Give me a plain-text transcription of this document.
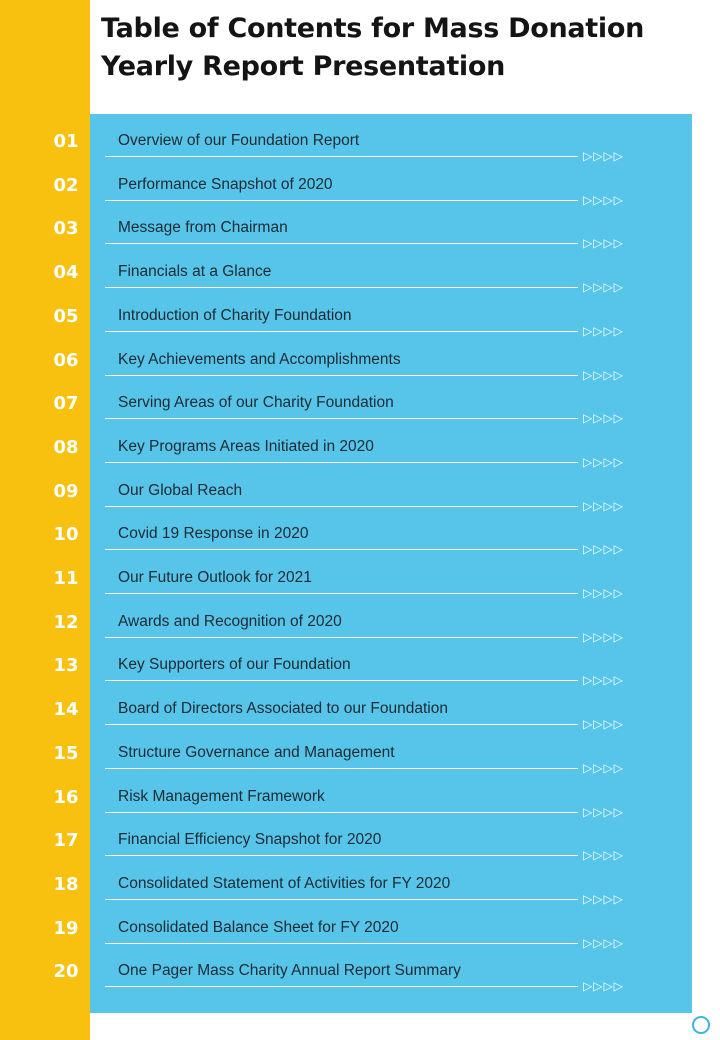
Table of Contents for Mass Donation Yearly Report Presentation
01	Overview of our Foundation Report
▷▷▷▷
02	Performance Snapshot of 2020
▷▷▷▷
03	Message from Chairman
▷▷▷▷
04	Financials at a Glance
▷▷▷▷
05	Introduction of Charity Foundation
▷▷▷▷
06	Key Achievements and Accomplishments
▷▷▷▷
07	Serving Areas of our Charity Foundation
▷▷▷▷
08	Key Programs Areas Initiated in 2020
▷▷▷▷
09	Our Global Reach
▷▷▷▷
10	Covid 19 Response in 2020
▷▷▷▷
11	Our Future Outlook for 2021
▷▷▷▷
12	Awards and Recognition of 2020
▷▷▷▷
13	Key Supporters of our Foundation
▷▷▷▷
14	Board of Directors Associated to our Foundation
▷▷▷▷
15	Structure Governance and Management
▷▷▷▷
16	Risk Management Framework
▷▷▷▷
17	Financial Efficiency Snapshot for 2020
▷▷▷▷
18	Consolidated Statement of Activities for FY 2020
▷▷▷▷
19	Consolidated Balance Sheet for FY 2020
▷▷▷▷
20	One Pager Mass Charity Annual Report Summary
▷▷▷▷
